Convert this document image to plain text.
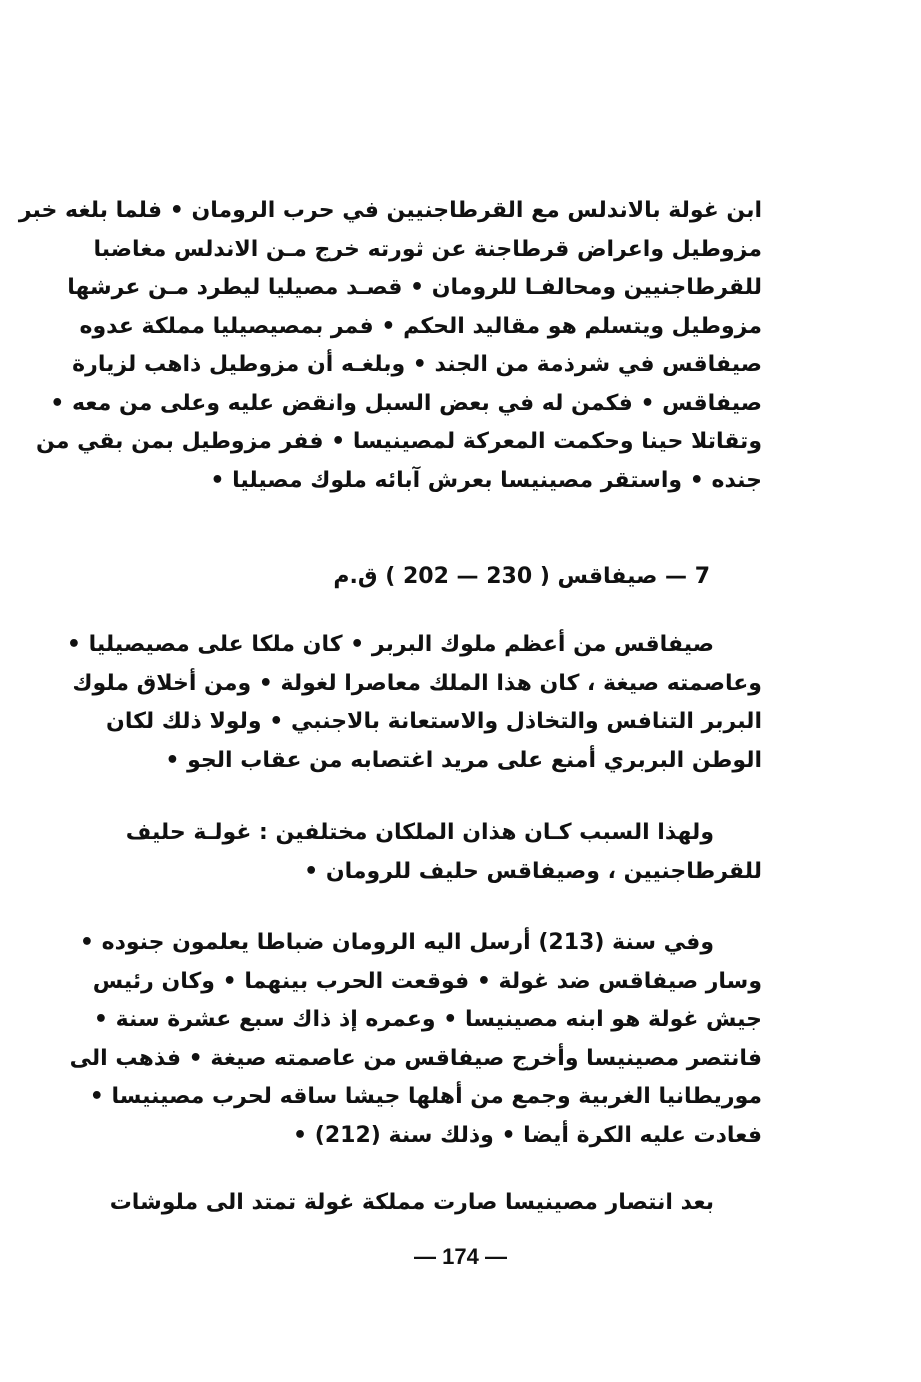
ابن غولة بالاندلس مع القرطاجنيين في حرب الرومان • فلما بلغه خبر
مزوطيل واعراض قرطاجنة عن ثورته خرج مـن الاندلس مغاضبا
للقرطاجنيين ومحالفـا للرومان • قصـد مصيليا ليطرد مـن عرشها
مزوطيل ويتسلم هو مقاليد الحكم • فمر بمصيصيليا مملكة عدوه
صيفاقس في شرذمة من الجند • وبلغـه أن مزوطيل ذاهب لزيارة
صيفاقس • فكمن له في بعض السبل وانقض عليه وعلى من معه •
وتقاتلا حينا وحكمت المعركة لمصينيسا • ففر مزوطيل بمن بقي من
جنده • واستقر مصينيسا بعرش آبائه ملوك مصيليا •
7 — صيفاقس ( 230 — 202 ) ق.م
صيفاقس من أعظم ملوك البربر • كان ملكا على مصيصيليا •
وعاصمته صيغة ، كان هذا الملك معاصرا لغولة • ومن أخلاق ملوك
البربر التنافس والتخاذل والاستعانة بالاجنبي • ولولا ذلك لكان
الوطن البربري أمنع على مريد اغتصابه من عقاب الجو •
ولهذا السبب كـان هذان الملكان مختلفين : غولـة حليف
للقرطاجنيين ، وصيفاقس حليف للرومان •
وفي سنة (213) أرسل اليه الرومان ضباطا يعلمون جنوده •
وسار صيفاقس ضد غولة • فوقعت الحرب بينهما • وكان رئيس
جيش غولة هو ابنه مصينيسا • وعمره إذ ذاك سبع عشرة سنة •
فانتصر مصينيسا وأخرج صيفاقس من عاصمته صيغة • فذهب الى
موريطانيا الغربية وجمع من أهلها جيشا ساقه لحرب مصينيسا •
فعادت عليه الكرة أيضا • وذلك سنة (212) •
بعد انتصار مصينيسا صارت مملكة غولة تمتد الى ملوشات
— 174 —
